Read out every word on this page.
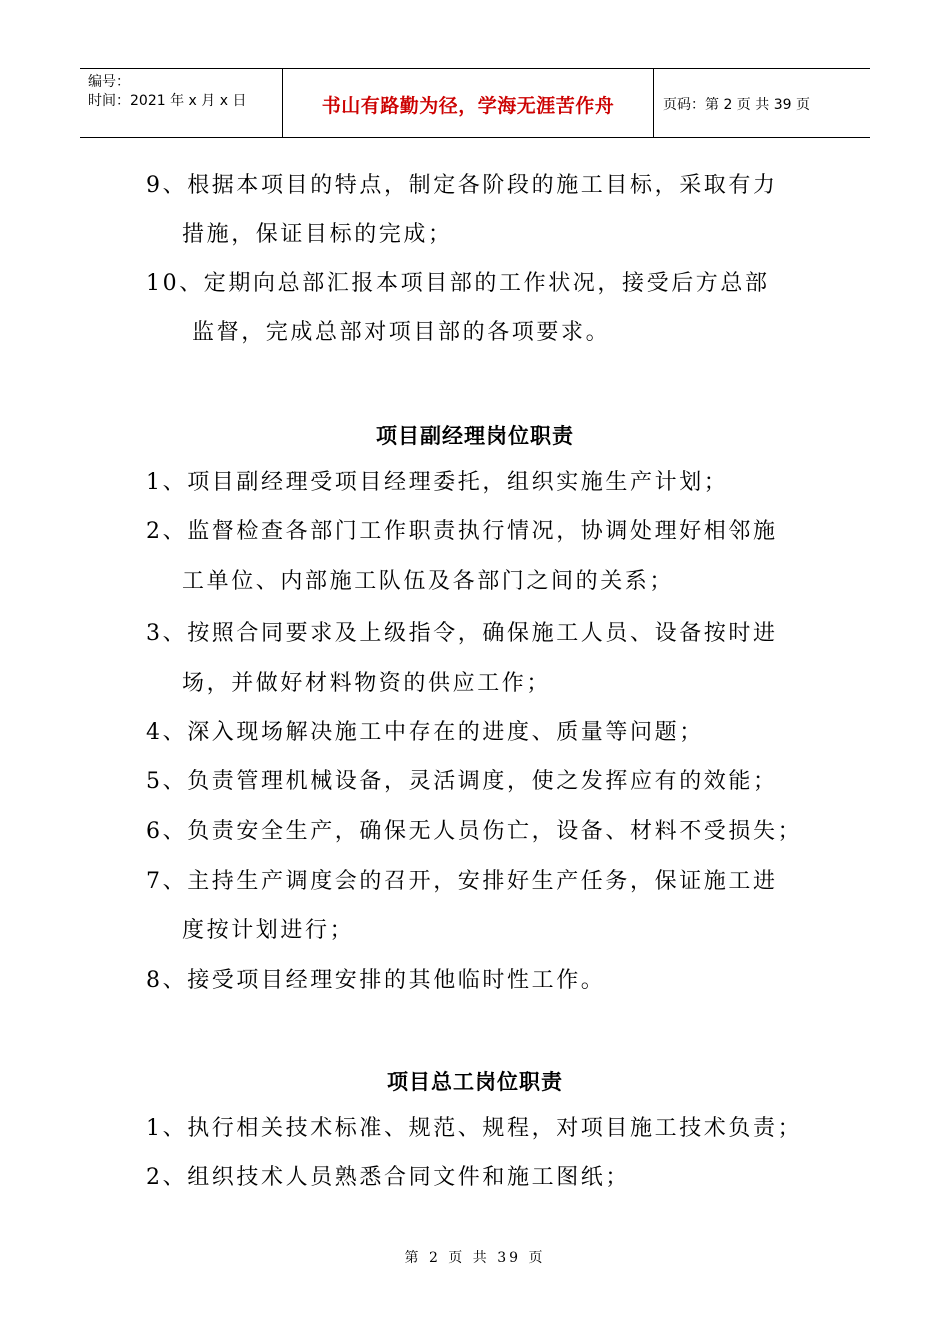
编号：
时间：2021 年 x 月 x 日	书山有路勤为径，学海无涯苦作舟	页码：第 2 页 共 39 页
9、根据本项目的特点，制定各阶段的施工目标，采取有力
措施，保证目标的完成；
10、定期向总部汇报本项目部的工作状况，接受后方总部
监督，完成总部对项目部的各项要求。
项目副经理岗位职责
1、项目副经理受项目经理委托，组织实施生产计划；
2、监督检查各部门工作职责执行情况，协调处理好相邻施
工单位、内部施工队伍及各部门之间的关系；
3、按照合同要求及上级指令，确保施工人员、设备按时进
场，并做好材料物资的供应工作；
4、深入现场解决施工中存在的进度、质量等问题；
5、负责管理机械设备，灵活调度，使之发挥应有的效能；
6、负责安全生产，确保无人员伤亡，设备、材料不受损失；
7、主持生产调度会的召开，安排好生产任务，保证施工进
度按计划进行；
8、接受项目经理安排的其他临时性工作。
项目总工岗位职责
1、执行相关技术标准、规范、规程，对项目施工技术负责；
2、组织技术人员熟悉合同文件和施工图纸；
第 2 页 共 39 页
